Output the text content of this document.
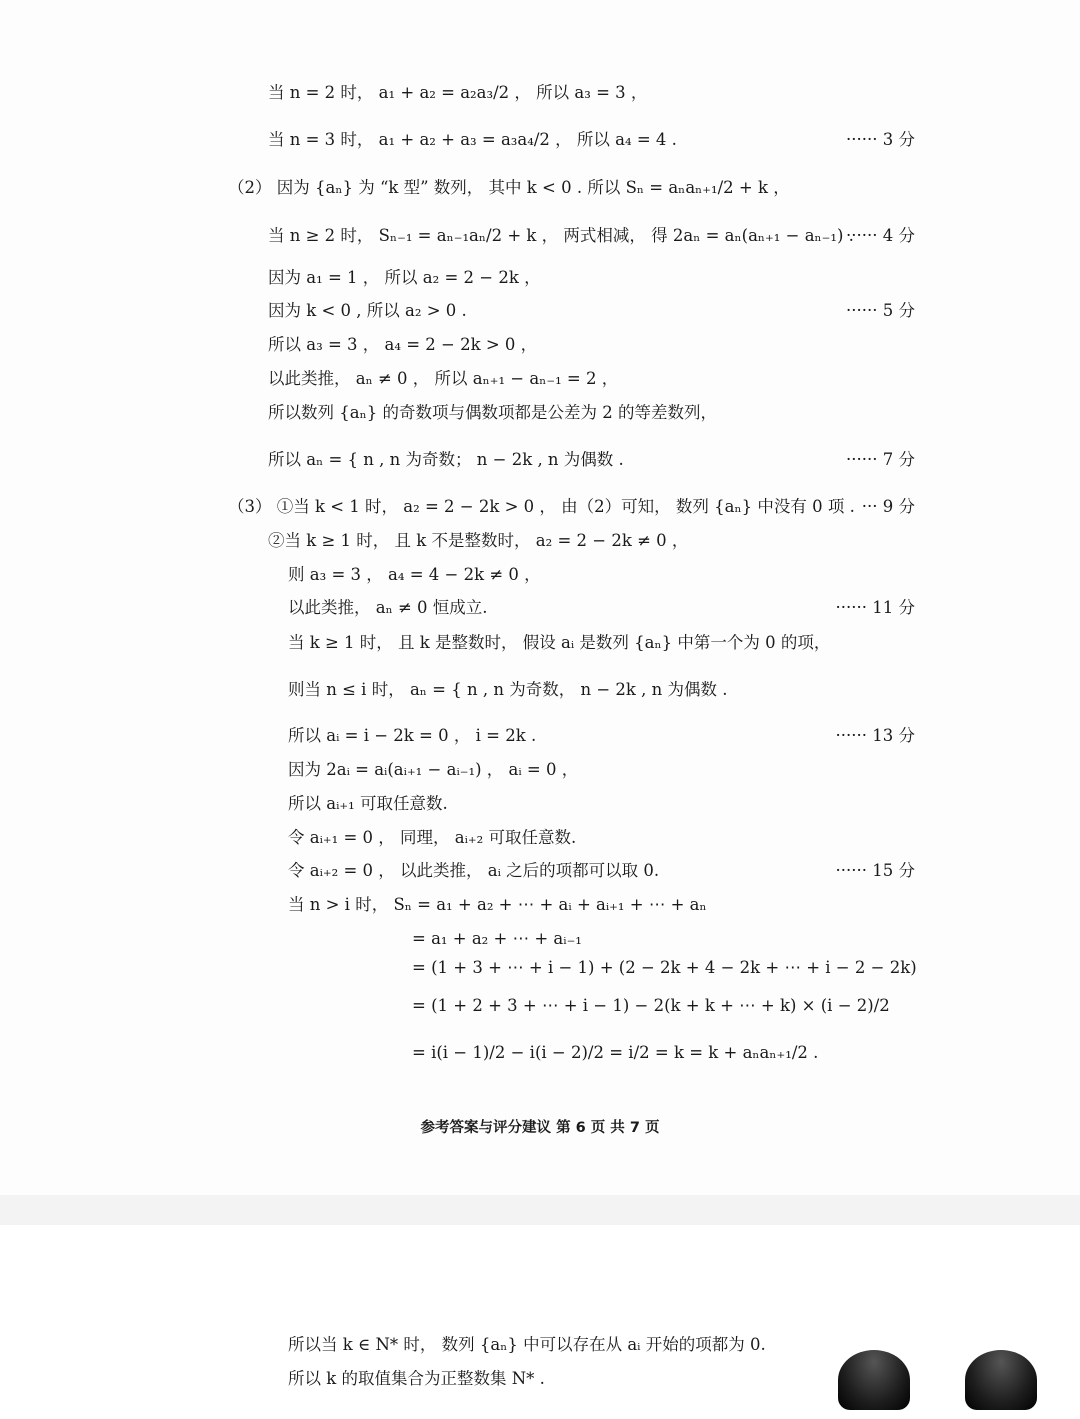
当 n = 2 时， a₁ + a₂ = a₂a₃/2 ， 所以 a₃ = 3 ，
当 n = 3 时， a₁ + a₂ + a₃ = a₃a₄/2 ， 所以 a₄ = 4 .
（2） 因为 {aₙ} 为 “k 型” 数列， 其中 k < 0 . 所以 Sₙ = aₙaₙ₊₁/2 + k ，
当 n ≥ 2 时， Sₙ₋₁ = aₙ₋₁aₙ/2 + k ， 两式相减， 得 2aₙ = aₙ(aₙ₊₁ − aₙ₋₁) .
因为 a₁ = 1 ， 所以 a₂ = 2 − 2k ，
因为 k < 0 , 所以 a₂ > 0 .
所以 a₃ = 3 ， a₄ = 2 − 2k > 0 ，
以此类推， aₙ ≠ 0 ， 所以 aₙ₊₁ − aₙ₋₁ = 2 ，
所以数列 {aₙ} 的奇数项与偶数项都是公差为 2 的等差数列，
所以 aₙ = { n , n 为奇数； n − 2k , n 为偶数 .
（3） ①当 k < 1 时， a₂ = 2 − 2k > 0 ， 由（2）可知， 数列 {aₙ} 中没有 0 项 .
②当 k ≥ 1 时， 且 k 不是整数时， a₂ = 2 − 2k ≠ 0 ，
则 a₃ = 3 ， a₄ = 4 − 2k ≠ 0 ，
以此类推， aₙ ≠ 0 恒成立.
当 k ≥ 1 时， 且 k 是整数时， 假设 aᵢ 是数列 {aₙ} 中第一个为 0 的项，
则当 n ≤ i 时， aₙ = { n , n 为奇数， n − 2k , n 为偶数 .
所以 aᵢ = i − 2k = 0 ， i = 2k .
因为 2aᵢ = aᵢ(aᵢ₊₁ − aᵢ₋₁) ， aᵢ = 0 ，
所以 aᵢ₊₁ 可取任意数.
令 aᵢ₊₁ = 0 ， 同理， aᵢ₊₂ 可取任意数.
令 aᵢ₊₂ = 0 ， 以此类推， aᵢ 之后的项都可以取 0.
当 n > i 时， Sₙ = a₁ + a₂ + ⋯ + aᵢ + aᵢ₊₁ + ⋯ + aₙ
= a₁ + a₂ + ⋯ + aᵢ₋₁
= (1 + 3 + ⋯ + i − 1) + (2 − 2k + 4 − 2k + ⋯ + i − 2 − 2k)
= (1 + 2 + 3 + ⋯ + i − 1) − 2(k + k + ⋯ + k) × (i − 2)/2
= i(i − 1)/2 − i(i − 2)/2 = i/2 = k = k + aₙaₙ₊₁/2 .
所以当 k ∈ N* 时， 数列 {aₙ} 中可以存在从 aᵢ 开始的项都为 0.
所以 k 的取值集合为正整数集 N* .
······ 3 分
······ 4 分
······ 5 分
······ 7 分
··· 9 分
······ 11 分
······ 13 分
······ 15 分
参考答案与评分建议 第 6 页 共 7 页
